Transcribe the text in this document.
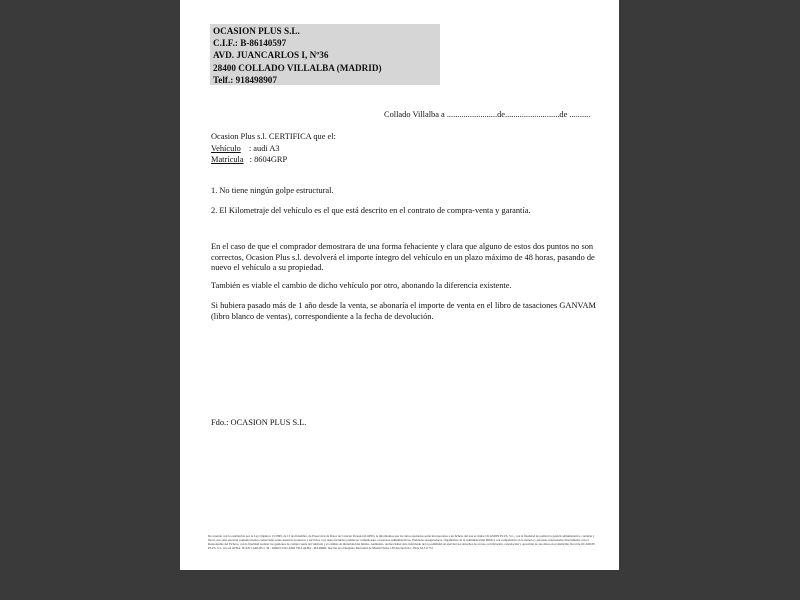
OCASION PLUS S.L.
C.I.F.: B-86140597
AVD. JUANCARLOS I, Nº36
28400 COLLADO VILLALBA (MADRID)
Telf.: 918498907
Collado Villalba a ........................de..........................de ..........
Ocasion Plus s.l. CERTIFICA que el:
Vehículo : audi A3
Matrícula : 8604GRP
1. No tiene ningún golpe estructural.
2. El Kilometraje del vehículo es el que está descrito en el contrato de compra-venta y garantía.
En el caso de que el comprador demostrara de una forma fehaciente y clara que alguno de estos dos puntos no son correctos, Ocasion Plus s.l. devolverá el importe íntegro del vehículo en un plazo máximo de 48 horas, pasando de nuevo el vehículo a su propiedad.
También es viable el cambio de dicho vehículo por otro, abonando la diferencia existente.
Si hubiera pasado más de 1 año desde la venta, se abonaría el importe de venta en el libro de tasaciones GANVAM (libro blanco de ventas), correspondiente a la fecha de devolución.
Fdo.: OCASION PLUS S.L.
De acuerdo con lo establecido por la Ley Orgánica 15/1999, de 13 de diciembre, de Protección de Datos de Carácter Personal (LOPD), le informamos que los datos aportados serán incorporados a un fichero del que es titular OCASION PLUS, S.L., con la finalidad de realizar la gestión administrativa, contable y fiscal, así como enviarle comunicaciones comerciales sobre nuestros productos y servicios. Los datos incluidos podrán ser comunicados a Gestores Administrativos, Entidades Aseguradoras, Organismos de la Administración Pública con competencia en la materia y personas relacionadas directamente con el Responsable del Fichero, con la finalidad realizar los gestiones de compra venta del vehículo y el cambio de titularidad del mismo. Asimismo, declara haber sido informado de la posibilidad de ejercitar los derechos de acceso, rectificación, cancelación y oposición de sus datos en el domicilio fiscal de OCASION PLUS, S.L. sito en AVDA. JUAN CARLOS I, 36 - 28400 COLLADO VILLALBA - MADRID. Inscrita en el Registro Mercantil de Madrid Tomo 130 Inscripción 1, Hoja M-511731
